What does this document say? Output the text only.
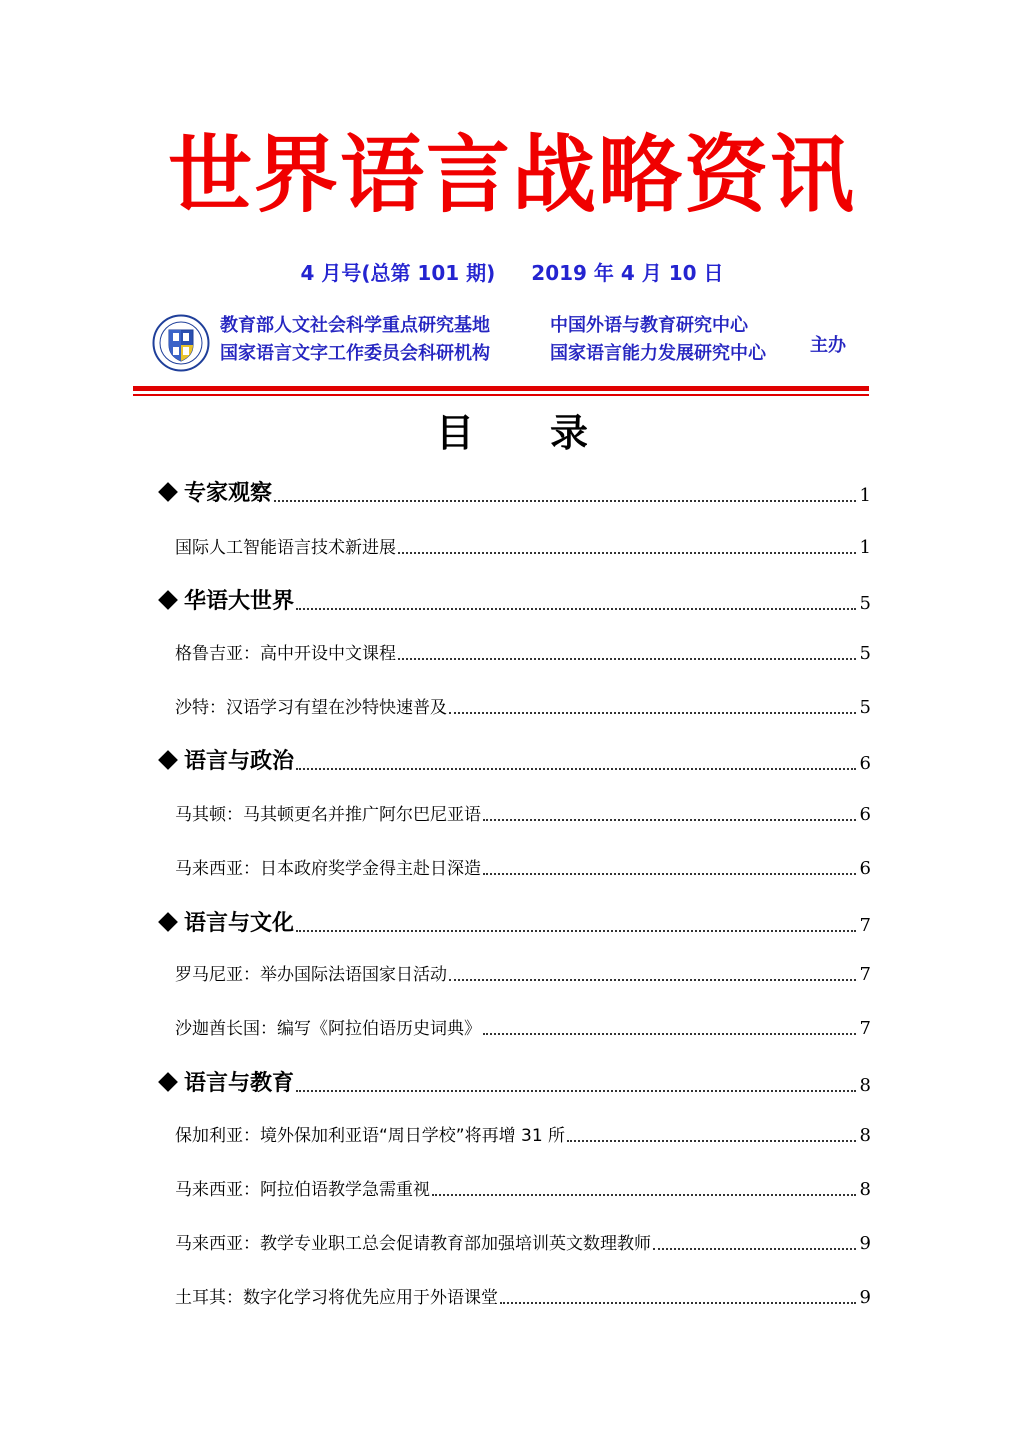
世界语言战略资讯
4 月号(总第 101 期) 2019 年 4 月 10 日
教育部人文社会科学重点研究基地	中国外语与教育研究中心
国家语言文字工作委员会科研机构	国家语言能力发展研究中心	主办
目　　录
专家观察	1
国际人工智能语言技术新进展	1
华语大世界	5
格鲁吉亚：高中开设中文课程	5
沙特：汉语学习有望在沙特快速普及	5
语言与政治	6
马其顿：马其顿更名并推广阿尔巴尼亚语	6
马来西亚：日本政府奖学金得主赴日深造	6
语言与文化	7
罗马尼亚：举办国际法语国家日活动	7
沙迦酋长国：编写《阿拉伯语历史词典》	7
语言与教育	8
保加利亚：境外保加利亚语“周日学校”将再增 31 所	8
马来西亚：阿拉伯语教学急需重视	8
马来西亚：教学专业职工总会促请教育部加强培训英文数理教师	9
土耳其：数字化学习将优先应用于外语课堂	9
